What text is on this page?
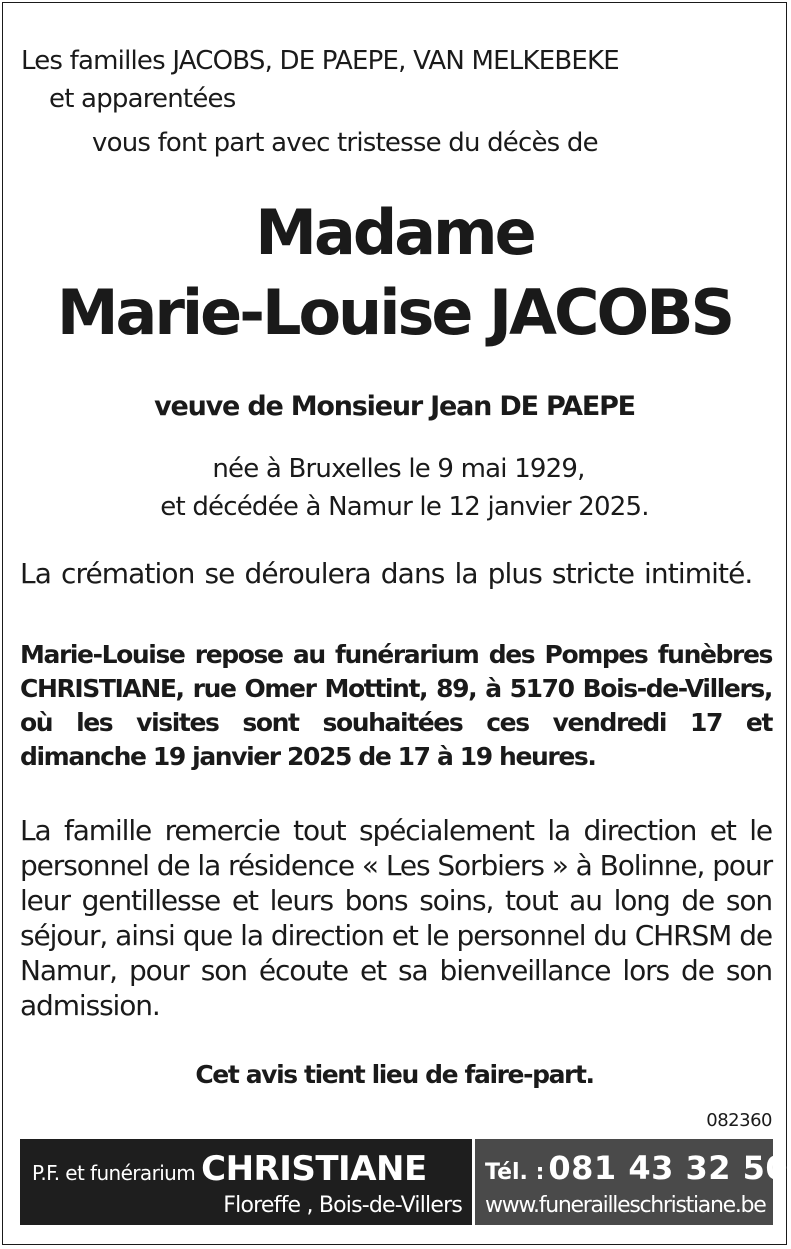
Les familles JACOBS, DE PAEPE, VAN MELKEBEKE
et apparentées
vous font part avec tristesse du décès de
Madame
Marie-Louise JACOBS
veuve de Monsieur Jean DE PAEPE
née à Bruxelles le 9 mai 1929,
et décédée à Namur le 12 janvier 2025.
La crémation se déroulera dans la plus stricte intimité.
Marie-Louise repose au funérarium des Pompes funèbres CHRISTIANE, rue Omer Mottint, 89, à 5170 Bois-de-Villers, où les visites sont souhaitées ces vendredi 17 et dimanche 19 janvier 2025 de 17 à 19 heures.
La famille remercie tout spécialement la direction et le personnel de la résidence « Les Sorbiers » à Bolinne, pour leur gentillesse et leurs bons soins, tout au long de son séjour, ainsi que la direction et le personnel du CHRSM de Namur, pour son écoute et sa bienveillance lors de son admission.
Cet avis tient lieu de faire-part.
082360
P.F. et funérarium CHRISTIANE
Floreffe , Bois-de-Villers
Tél. : 081 43 32 50
www.funerailleschristiane.be
